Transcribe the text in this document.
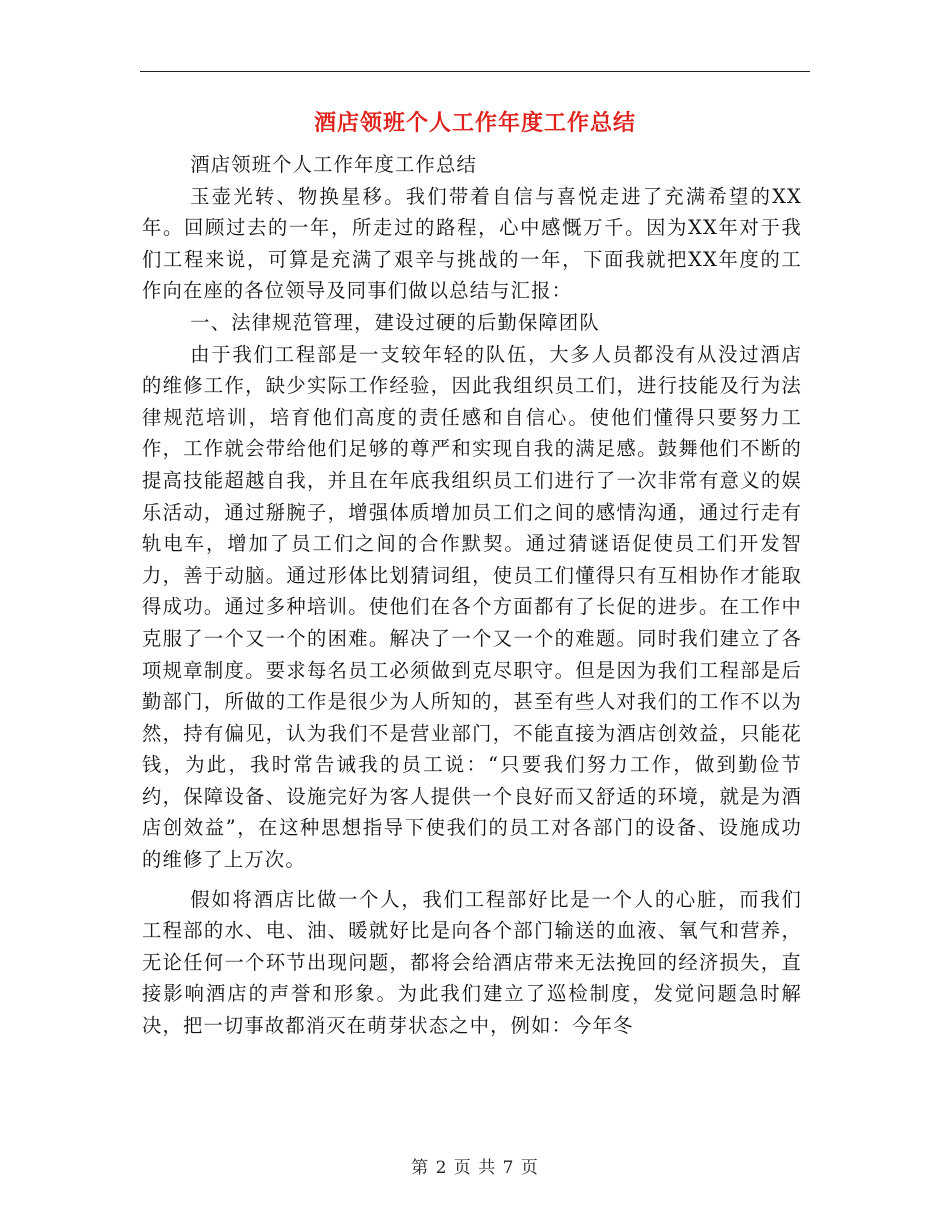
酒店领班个人工作年度工作总结

酒店领班个人工作年度工作总结

玉壶光转、物换星移。我们带着自信与喜悦走进了充满希望的XX年。回顾过去的一年，所走过的路程，心中感慨万千。因为XX年对于我们工程来说，可算是充满了艰辛与挑战的一年，下面我就把XX年度的工作向在座的各位领导及同事们做以总结与汇报：

一、法律规范管理，建设过硬的后勤保障团队

由于我们工程部是一支较年轻的队伍，大多人员都没有从没过酒店的维修工作，缺少实际工作经验，因此我组织员工们，进行技能及行为法律规范培训，培育他们高度的责任感和自信心。使他们懂得只要努力工作，工作就会带给他们足够的尊严和实现自我的满足感。鼓舞他们不断的提高技能超越自我，并且在年底我组织员工们进行了一次非常有意义的娱乐活动，通过掰腕子，增强体质增加员工们之间的感情沟通，通过行走有轨电车，增加了员工们之间的合作默契。通过猜谜语促使员工们开发智力，善于动脑。通过形体比划猜词组，使员工们懂得只有互相协作才能取得成功。通过多种培训。使他们在各个方面都有了长促的进步。在工作中克服了一个又一个的困难。解决了一个又一个的难题。同时我们建立了各项规章制度。要求每名员工必须做到克尽职守。但是因为我们工程部是后勤部门，所做的工作是很少为人所知的，甚至有些人对我们的工作不以为然，持有偏见，认为我们不是营业部门，不能直接为酒店创效益，只能花钱，为此，我时常告诫我的员工说：“只要我们努力工作，做到勤俭节约，保障设备、设施完好为客人提供一个良好而又舒适的环境，就是为酒店创效益”，在这种思想指导下使我们的员工对各部门的设备、设施成功的维修了上万次。

假如将酒店比做一个人，我们工程部好比是一个人的心脏，而我们工程部的水、电、油、暖就好比是向各个部门输送的血液、氧气和营养，无论任何一个环节出现问题，都将会给酒店带来无法挽回的经济损失，直接影响酒店的声誉和形象。为此我们建立了巡检制度，发觉问题急时解决，把一切事故都消灭在萌芽状态之中，例如：今年冬

第 2 页 共 7 页
